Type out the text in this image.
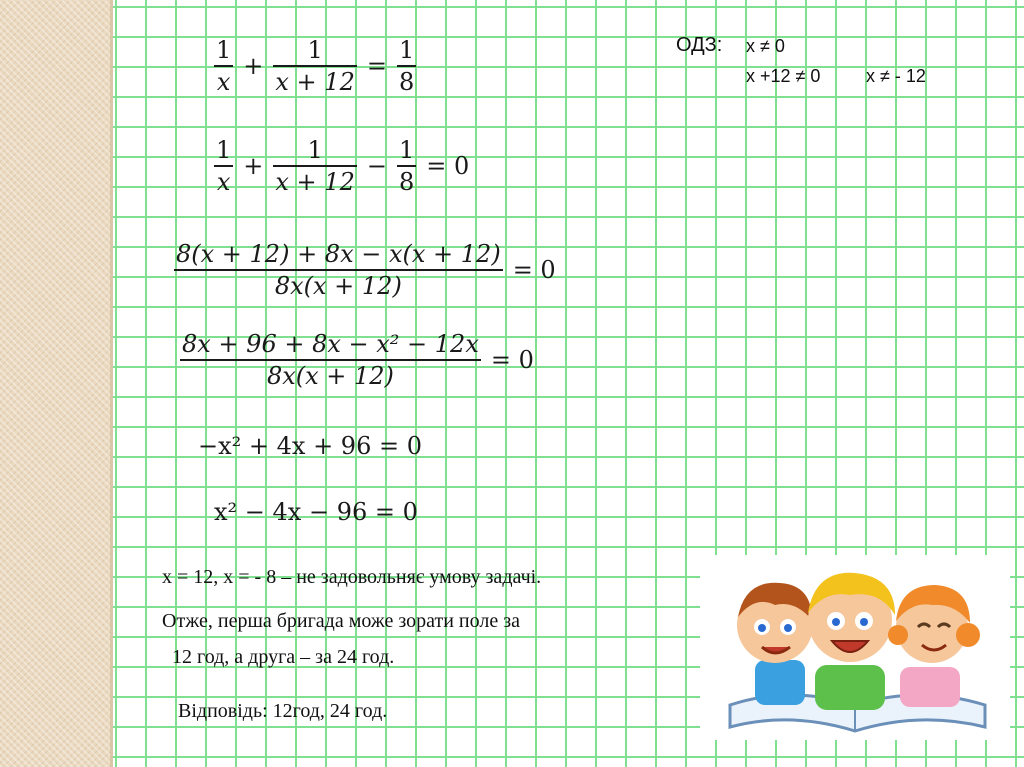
$\frac{1}{x} + \frac{1}{x + 12} = \frac{1}{8}$
$\frac{1}{x} + \frac{1}{x + 12} - \frac{1}{8} = 0$
$\frac{8(x + 12) + 8x - x(x + 12)}{8x(x + 12)} = 0$
$\frac{\text{8x + 96 + 8x − x² − 12x}}{8x(x + 12)} = 0$
−x² + 4x + 96 = 0
x² − 4x − 96 = 0
ОДЗ: x ≠ 0
x +12 ≠ 0	x ≠ - 12
x = 12, x = - 8 – не задовольняє умову задачі.
Отже, перша бригада може зорати поле за
12 год, а друга – за 24 год.
Відповідь: 12год, 24 год.
